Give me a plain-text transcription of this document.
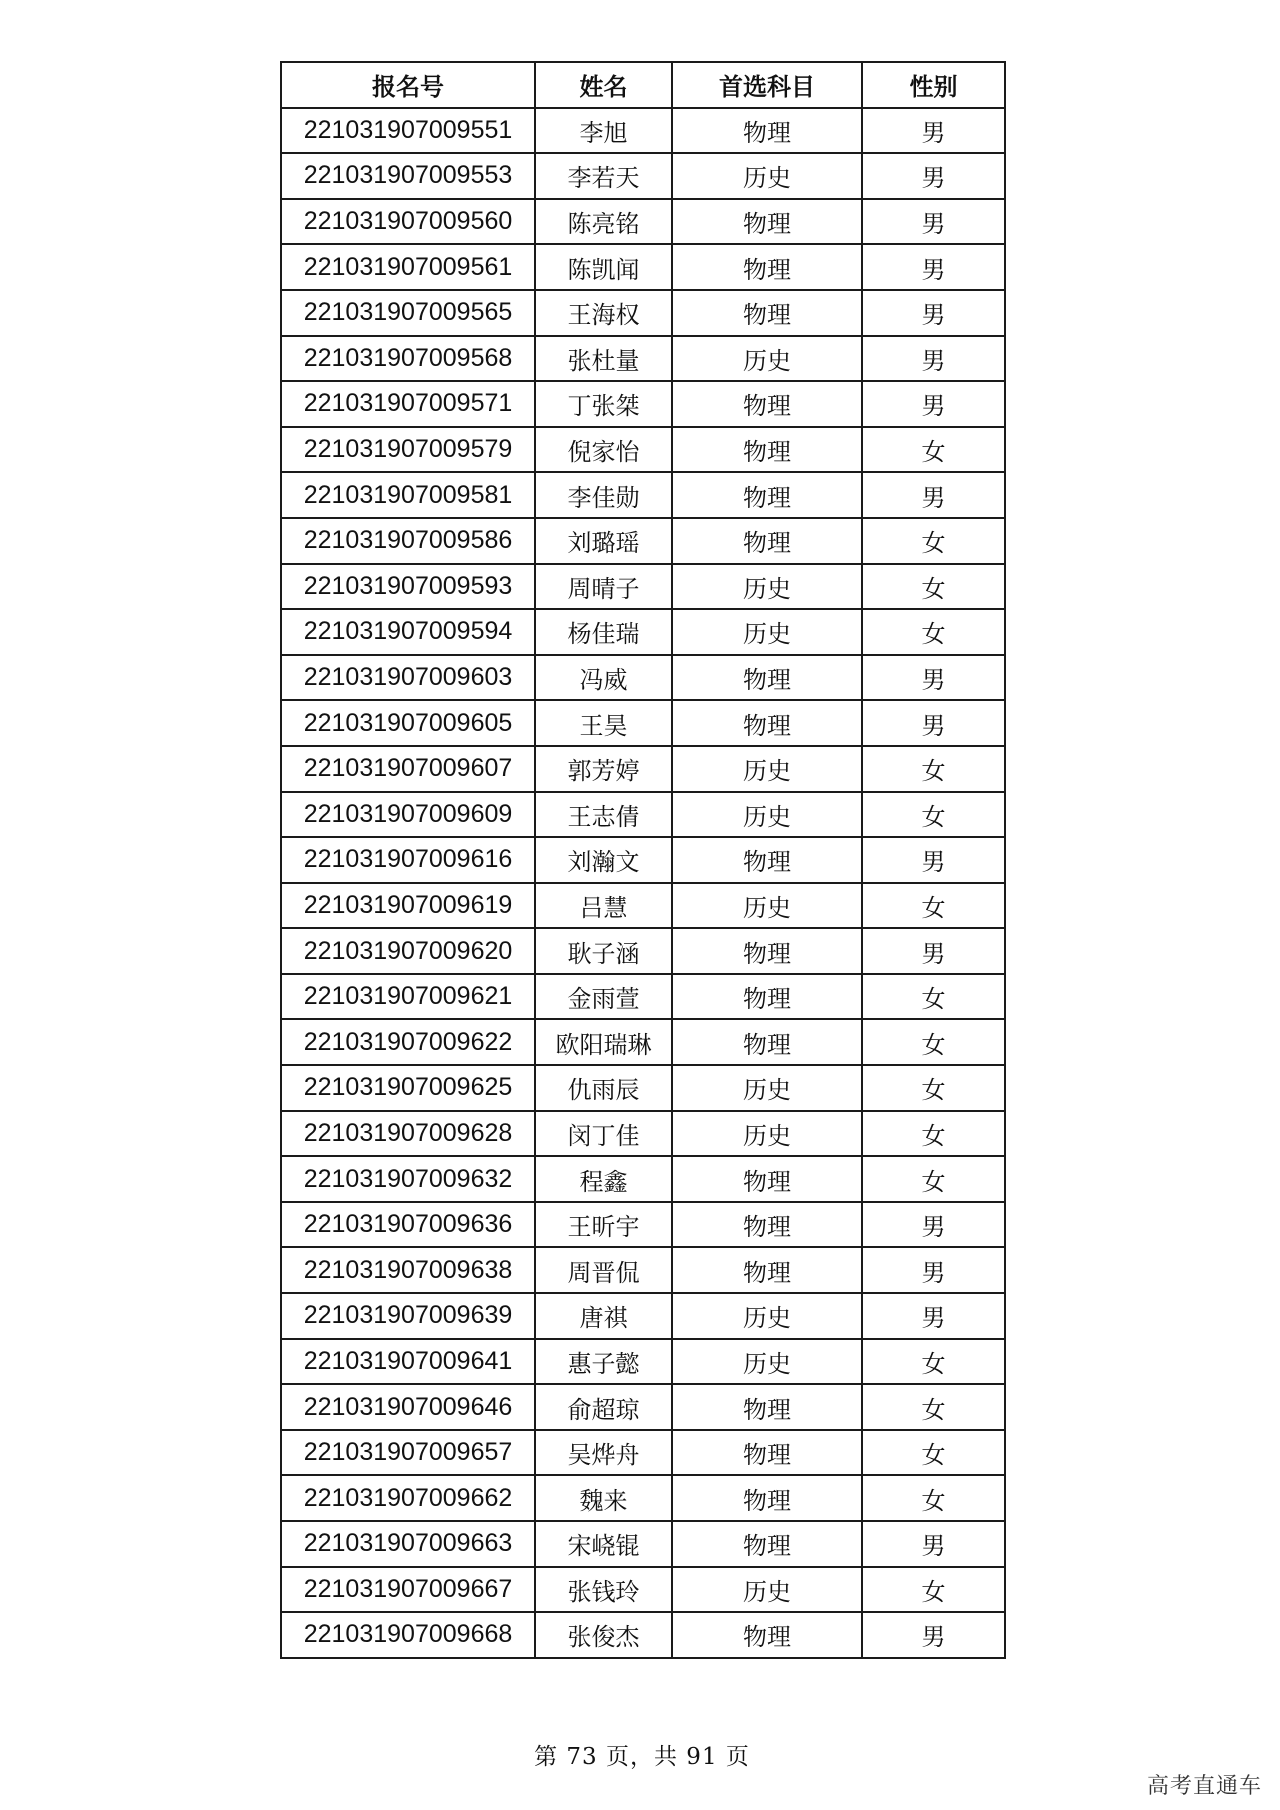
报名号	姓名	首选科目	性别
221031907009551	李旭	物理	男
221031907009553	李若天	历史	男
221031907009560	陈亮铭	物理	男
221031907009561	陈凯闻	物理	男
221031907009565	王海权	物理	男
221031907009568	张杜量	历史	男
221031907009571	丁张桀	物理	男
221031907009579	倪家怡	物理	女
221031907009581	李佳勋	物理	男
221031907009586	刘璐瑶	物理	女
221031907009593	周晴子	历史	女
221031907009594	杨佳瑞	历史	女
221031907009603	冯威	物理	男
221031907009605	王昊	物理	男
221031907009607	郭芳婷	历史	女
221031907009609	王志倩	历史	女
221031907009616	刘瀚文	物理	男
221031907009619	吕慧	历史	女
221031907009620	耿子涵	物理	男
221031907009621	金雨萱	物理	女
221031907009622	欧阳瑞琳	物理	女
221031907009625	仇雨辰	历史	女
221031907009628	闵丁佳	历史	女
221031907009632	程鑫	物理	女
221031907009636	王昕宇	物理	男
221031907009638	周晋侃	物理	男
221031907009639	唐祺	历史	男
221031907009641	惠子懿	历史	女
221031907009646	俞超琼	物理	女
221031907009657	吴烨舟	物理	女
221031907009662	魏来	物理	女
221031907009663	宋峣锟	物理	男
221031907009667	张钱玲	历史	女
221031907009668	张俊杰	物理	男
第 73 页，共 91 页
高考直通车
